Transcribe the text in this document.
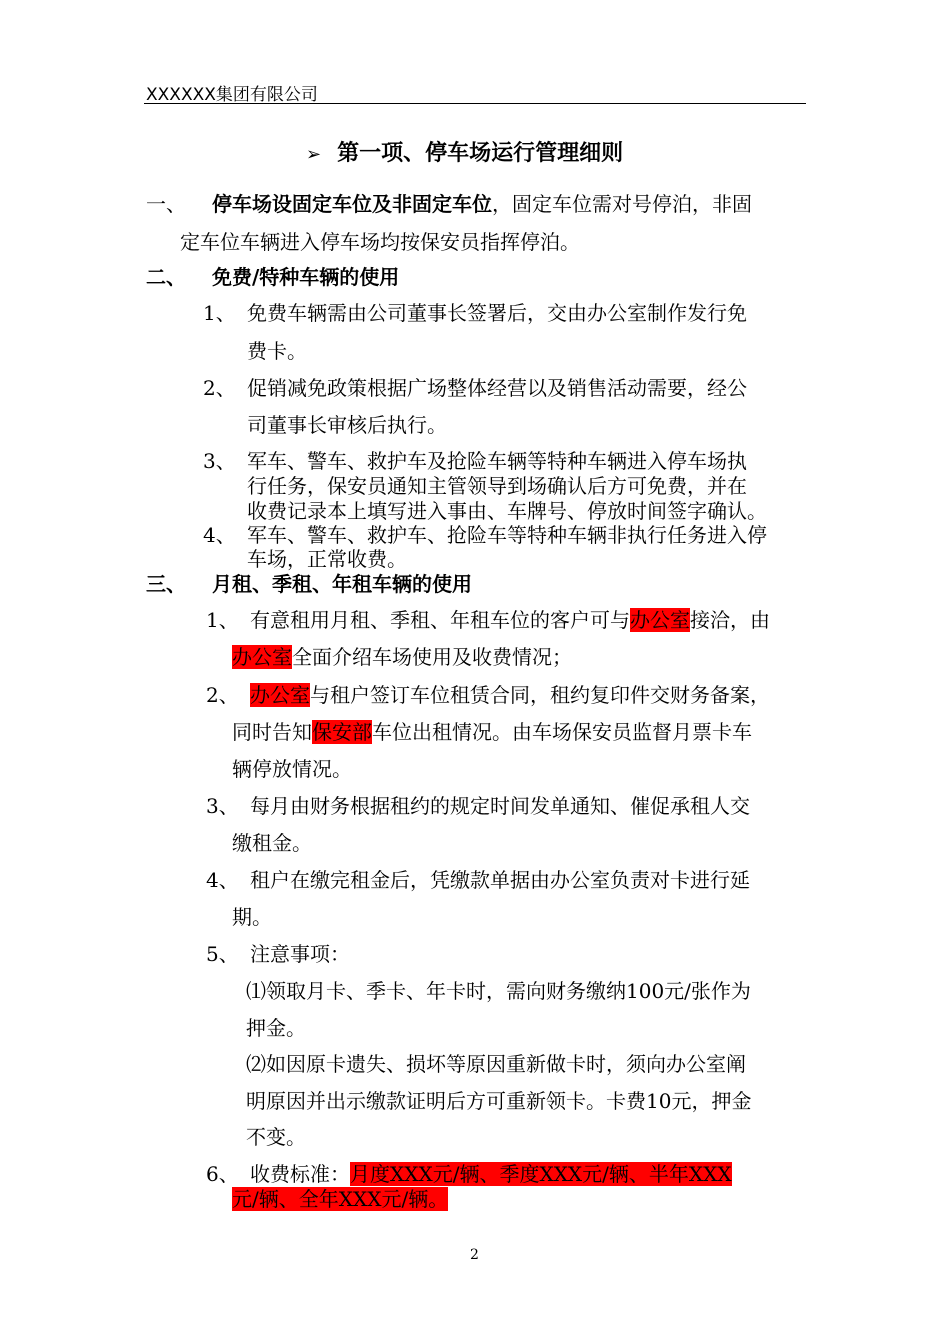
XXXXXX集团有限公司
➢ 第一项、停车场运行管理细则
一、 停车场设固定车位及非固定车位，固定车位需对号停泊，非固
定车位车辆进入停车场均按保安员指挥停泊。
二、 免费/特种车辆的使用
1、 免费车辆需由公司董事长签署后，交由办公室制作发行免
费卡。
2、 促销减免政策根据广场整体经营以及销售活动需要，经公
司董事长审核后执行。
3、 军车、警车、救护车及抢险车辆等特种车辆进入停车场执
行任务，保安员通知主管领导到场确认后方可免费，并在
收费记录本上填写进入事由、车牌号、停放时间签字确认。
4、 军车、警车、救护车、抢险车等特种车辆非执行任务进入停
车场，正常收费。
三、 月租、季租、年租车辆的使用
1、 有意租用月租、季租、年租车位的客户可与办公室接洽，由
办公室全面介绍车场使用及收费情况；
2、 办公室与租户签订车位租赁合同，租约复印件交财务备案，
同时告知保安部车位出租情况。由车场保安员监督月票卡车
辆停放情况。
3、 每月由财务根据租约的规定时间发单通知、催促承租人交
缴租金。
4、 租户在缴完租金后，凭缴款单据由办公室负责对卡进行延
期。
5、 注意事项：
⑴领取月卡、季卡、年卡时，需向财务缴纳100元/张作为
押金。
⑵如因原卡遗失、损坏等原因重新做卡时，须向办公室阐
明原因并出示缴款证明后方可重新领卡。卡费10元，押金
不变。
6、 收费标准：月度XXX元/辆、季度XXX元/辆、半年XXX
元/辆、全年XXX元/辆。
2
